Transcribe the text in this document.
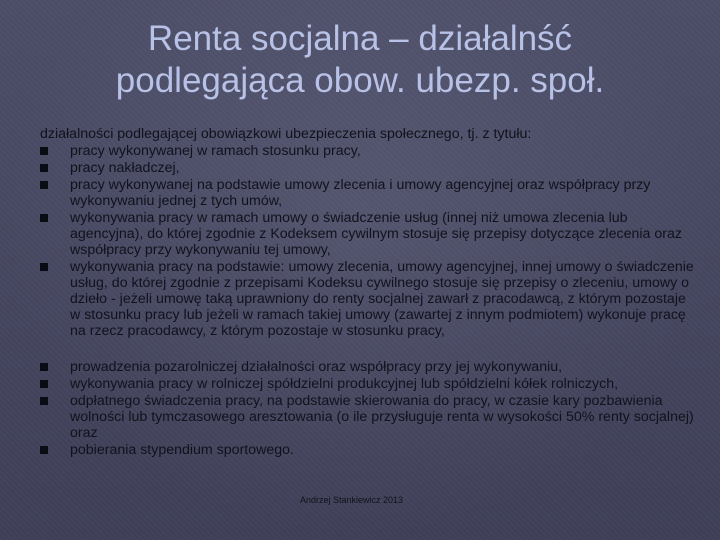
Renta socjalna – działalnść
podlegająca obow. ubezp. społ.
działalności podlegającej obowiązkowi ubezpieczenia społecznego, tj. z tytułu:
pracy wykonywanej w ramach stosunku pracy,
pracy nakładczej,
pracy wykonywanej na podstawie umowy zlecenia i umowy agencyjnej oraz współpracy przy wykonywaniu jednej z tych umów,
wykonywania pracy w ramach umowy o świadczenie usług (innej niż umowa zlecenia lub agencyjna), do której zgodnie z Kodeksem cywilnym stosuje się przepisy dotyczące zlecenia oraz współpracy przy wykonywaniu tej umowy,
wykonywania pracy na podstawie: umowy zlecenia, umowy agencyjnej, innej umowy o świadczenie usług, do której zgodnie z przepisami Kodeksu cywilnego stosuje się przepisy o zleceniu, umowy o dzieło - jeżeli umowę taką uprawniony do renty socjalnej zawarł z pracodawcą, z którym pozostaje w stosunku pracy lub jeżeli w ramach takiej umowy (zawartej z innym podmiotem) wykonuje pracę na rzecz pracodawcy, z którym pozostaje w stosunku pracy,
prowadzenia pozarolniczej działalności oraz współpracy przy jej wykonywaniu,
wykonywania pracy w rolniczej spółdzielni produkcyjnej lub spółdzielni kółek rolniczych,
odpłatnego świadczenia pracy, na podstawie skierowania do pracy, w czasie kary pozbawienia wolności lub tymczasowego aresztowania (o ile przysługuje renta w wysokości 50% renty socjalnej) oraz
pobierania stypendium sportowego.
Andrzej Stankiewicz 2013
